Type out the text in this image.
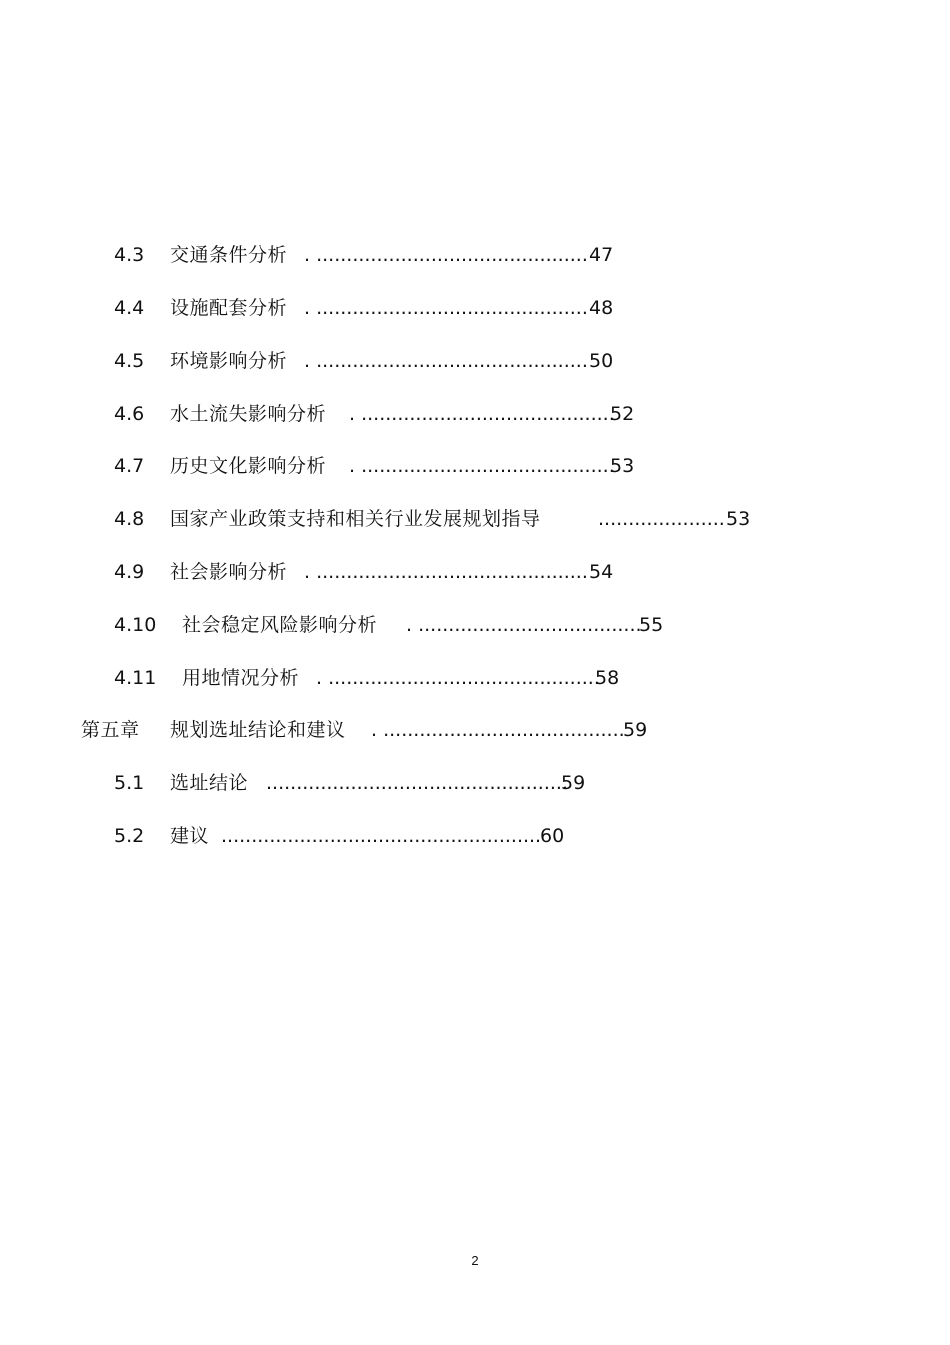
4.3 交通条件分析 . ............................................. 47
4.4 设施配套分析 . ............................................. 48
4.5 环境影响分析 . ............................................. 50
4.6 水土流失影响分析 . ..........................................
52
4.7 历史文化影响分析 . ..........................................
53
4.8 国家产业政策支持和相关行业发展规划指导	..................... 53
4.9 社会影响分析 . ............................................. 54
4.10 社会稳定风险影响分析 . .....................................
55
4.11 用地情况分析 . .............................................
58
第五章 规划选址结论和建议 . ........................................
59
5.1 选址结论 ..................................................
59
5.2 建议 .....................................................
60
2
